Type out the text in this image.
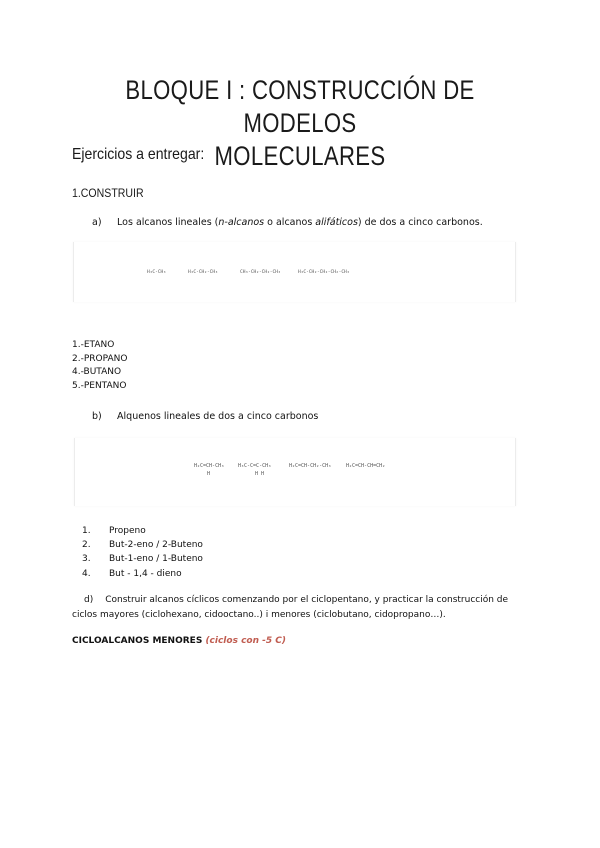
BLOQUE I : CONSTRUCCIÓN DE MODELOS
MOLECULARES
Ejercicios a entregar:
1.CONSTRUIR
a) Los alcanos lineales (n-alcanos o alcanos alifáticos) de dos a cinco carbonos.
H₃C-CH₃	H₃C-CH₂-CH₃	CH₃-CH₂-CH₂-CH₃	H₃C-CH₂-CH₂-CH₂-CH₃
1.-ETANO
2.-PROPANO
4.-BUTANO
5.-PENTANO
b) Alquenos lineales de dos a cinco carbonos
H₂C=CH-CH₃
H
H₃C-C=C-CH₃
H H
H₂C=CH-CH₂-CH₃	H₂C=CH-CH=CH₂
1. Propeno
2. But-2-eno / 2-Buteno
3. But-1-eno / 1-Buteno
4. But - 1,4 - dieno
d) Construir alcanos cíclicos comenzando por el ciclopentano, y practicar la construcción de
ciclos mayores (ciclohexano, cidooctano..) i menores (ciclobutano, cidopropano…).
CICLOALCANOS MENORES (ciclos con -5 C)
